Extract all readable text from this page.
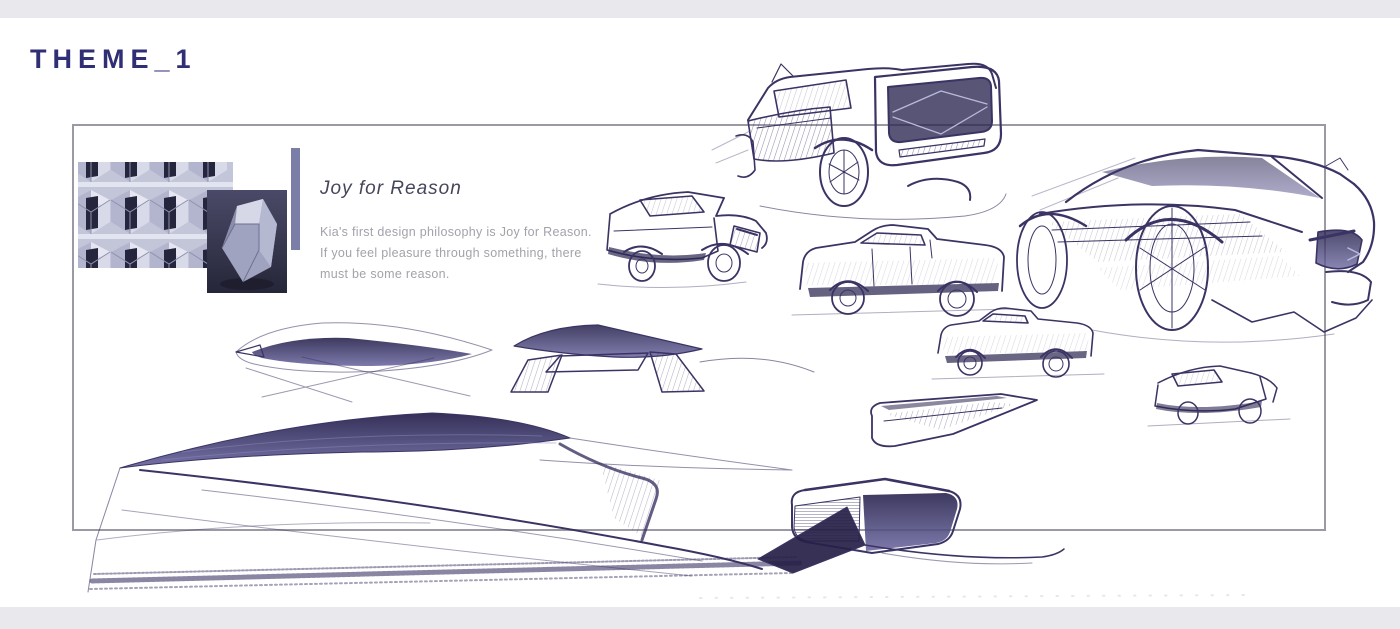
THEME_1
Joy for Reason

Kia's first design philosophy is Joy for Reason.
If you feel pleasure through something, there
must be some reason.
